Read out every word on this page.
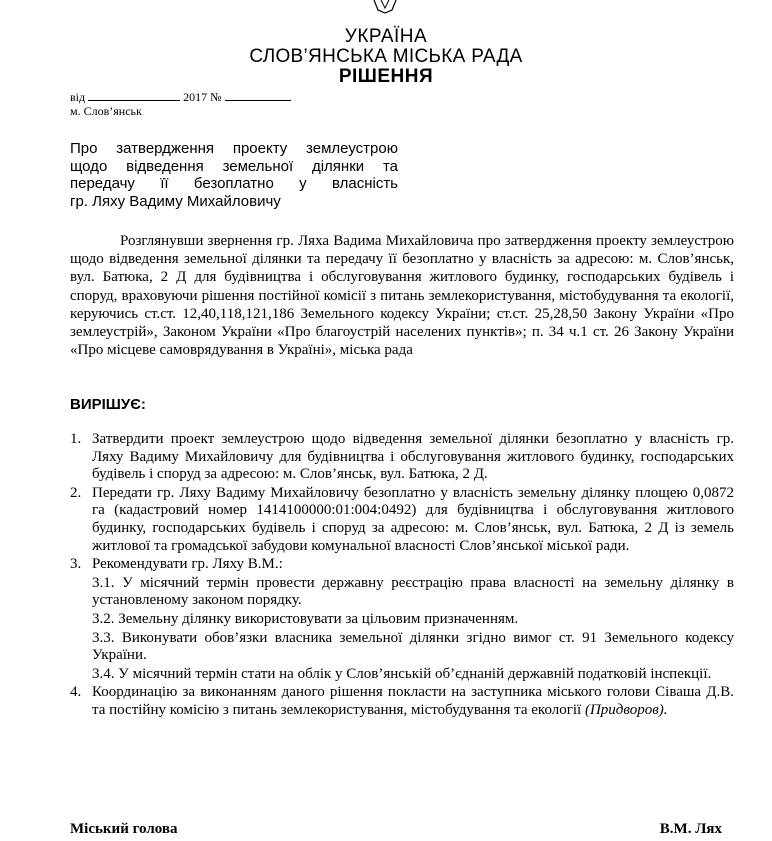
УКРАЇНА
СЛОВ’ЯНСЬКА МІСЬКА РАДА
РІШЕННЯ
від	2017 №
м. Слов’янськ
Про затвердження проекту землеустрою
щодо відведення земельної ділянки та
передачу її безоплатно у власність
гр. Ляху Вадиму Михайловичу
Розглянувши звернення гр. Ляха Вадима Михайловича про затвердження проекту землеустрою щодо відведення земельної ділянки та передачу її безоплатно у власність за адресою: м. Слов’янськ, вул. Батюка, 2 Д для будівництва і обслуговування житлового будинку, господарських будівель і споруд, враховуючи рішення постійної комісії з питань землекористування, містобудування та екології, керуючись ст.ст. 12,40,118,121,186 Земельного кодексу України; ст.ст. 25,28,50 Закону України «Про землеустрій», Законом України «Про благоустрій населених пунктів»; п. 34 ч.1 ст. 26 Закону України «Про місцеве самоврядування в Україні», міська рада
ВИРІШУЄ:
1. Затвердити проект землеустрою щодо відведення земельної ділянки безоплатно у власність гр. Ляху Вадиму Михайловичу для будівництва і обслуговування житлового будинку, господарських будівель і споруд за адресою: м. Слов’янськ, вул. Батюка, 2 Д.
2. Передати гр. Ляху Вадиму Михайловичу безоплатно у власність земельну ділянку площею 0,0872 га (кадастровий номер 1414100000:01:004:0492) для будівництва і обслуговування житлового будинку, господарських будівель і споруд за адресою: м. Слов’янськ, вул. Батюка, 2 Д із земель житлової та громадської забудови комунальної власності Слов’янської міської ради.
3. Рекомендувати гр. Ляху В.М.:
3.1. У місячний термін провести державну реєстрацію права власності на земельну ділянку в установленому законом порядку.
3.2. Земельну ділянку використовувати за цільовим призначенням.
3.3. Виконувати обов’язки власника земельної ділянки згідно вимог ст. 91 Земельного кодексу України.
3.4. У місячний термін стати на облік у Слов’янській об’єднаній державній податковій інспекції.
4. Координацію за виконанням даного рішення покласти на заступника міського голови Сіваша Д.В. та постійну комісію з питань землекористування, містобудування та екології (Придворов).
Міський голова	В.М. Лях
